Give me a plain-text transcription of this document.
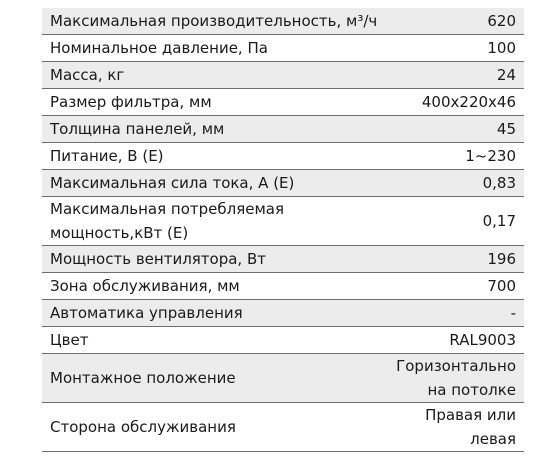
Максимальная производительность, м³/ч	620
Номинальное давление, Па	100
Масса, кг	24
Размер фильтра, мм	400x220x46
Толщина панелей, мм	45
Питание, В (Е)	1~230
Максимальная сила тока, А (Е)	0,83
Максимальная потребляемая
мощность,кВт (Е)	0,17
Мощность вентилятора, Вт	196
Зона обслуживания, мм	700
Автоматика управления	-
Цвет	RAL9003
Монтажное положение	Горизонтально
на потолке
Сторона обслуживания	Правая или
левая
